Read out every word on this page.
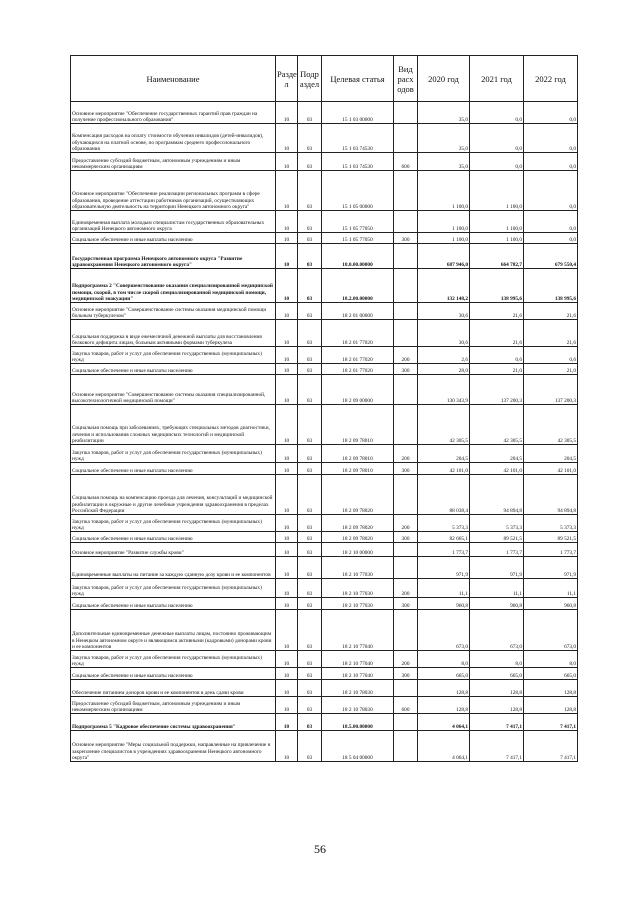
Наименование	Разде л	Подр аздел	Целевая статья	Вид расх одов	2020 год	2021 год	2022 год
Основное мероприятие "Обеспечение государственных гарантий прав граждан на получение профессионального образования"	10	03	15 1 03 00000		35,0	0,0	0,0
Компенсация расходов на оплату стоимости обучения инвалидов (детей-инвалидов), обучающихся на платной основе, по программам среднего профессионального образования	10	03	15 1 03 74530		35,0	0,0	0,0
Предоставление субсидий бюджетным, автономным учреждениям и иным некоммерческим организациям	10	03	15 1 03 74530	600	35,0	0,0	0,0
Основное мероприятие "Обеспечение реализации региональных программ в сфере образования, проведение аттестации работников организаций, осуществляющих образовательную деятельность на территории Ненецкого автономного округа"	10	03	15 1 05 00000		1 100,0	1 100,0	0,0
Единовременная выплата молодым специалистам государственных образовательных организаций Ненецкого автономного округа	10	03	15 1 05 77050		1 100,0	1 100,0	0,0
Социальное обеспечение и иные выплаты населению	10	03	15 1 05 77050	300	1 100,0	1 100,0	0,0
Государственная программа Ненецкого автономного округа "Развитие здравоохранения Ненецкого автономного округа"	10	03	18.0.00.00000		687 946,0	664 782,7	679 550,4
Подпрограмма 2 "Совершенствование оказания специализированной медицинской помощи, скорой, в том числе скорой специализированной медицинской помощи, медицинской эвакуации"	10	03	18.2.00.00000		132 148,2	138 995,6	138 995,6
Основное мероприятие "Совершенствование системы оказания медицинской помощи больным туберкулезом"	10	03	18 2 01 00000		30,6	21,6	21,6
Социальная поддержка в виде ежемесячной денежной выплаты для восстановления белкового дефицита лицам, больным активными формами туберкулеза	10	03	18 2 01 77020		30,6	21,6	21,6
Закупка товаров, работ и услуг для обеспечения государственных (муниципальных) нужд	10	03	18 2 01 77020	200	2,6	0,6	0,6
Социальное обеспечение и иные выплаты населению	10	03	18 2 01 77020	300	28,0	21,0	21,0
Основное мероприятие "Совершенствование системы оказания специализированной, высокотехнологичной медицинской помощи"	10	03	18 2 09 00000		130 343,9	137 200,3	137 200,3
Социальная помощь при заболеваниях, требующих специальных методов диагностики, лечения и использования сложных медицинских технологий и медицинской реабилитации	10	03	18 2 09 78010		42 305,5	42 305,5	42 305,5
Закупка товаров, работ и услуг для обеспечения государственных (муниципальных) нужд	10	03	18 2 09 78010	200	204,5	204,5	204,5
Социальное обеспечение и иные выплаты населению	10	03	18 2 09 78010	300	42 101,0	42 101,0	42 101,0
Социальная помощь на компенсацию проезда для лечения, консультаций и медицинской реабилитации в окружные и другие лечебные учреждения здравоохранения в пределах Российской Федерации	10	03	18 2 09 78020		88 038,4	94 894,8	94 894,8
Закупка товаров, работ и услуг для обеспечения государственных (муниципальных) нужд	10	03	18 2 09 78020	200	5 373,3	5 373,3	5 373,3
Социальное обеспечение и иные выплаты населению	10	03	18 2 09 78020	300	82 665,1	89 521,5	89 521,5
Основное мероприятие "Развитие службы крови"	10	03	18 2 10 00000		1 773,7	1 773,7	1 773,7
Единовременные выплаты на питание за каждую сданную дозу крови и ее компонентов	10	03	18 2 10 77030		971,9	971,9	971,9
Закупка товаров, работ и услуг для обеспечения государственных (муниципальных) нужд	10	03	18 2 10 77030	200	11,1	11,1	11,1
Социальное обеспечение и иные выплаты населению	10	03	18 2 10 77030	300	960,8	960,8	960,8
Дополнительные единовременные денежные выплаты лицам, постоянно проживающим в Ненецком автономном округе и являющимся активными (кадровыми) донорами крови и ее компонентов	10	03	18 2 10 77040		673,0	673,0	673,0
Закупка товаров, работ и услуг для обеспечения государственных (муниципальных) нужд	10	03	18 2 10 77040	200	8,0	8,0	8,0
Социальное обеспечение и иные выплаты населению	10	03	18 2 10 77040	300	665,0	665,0	665,0
Обеспечение питанием доноров крови и ее компонентов в день сдачи крови	10	03	18 2 10 78030		128,8	128,8	128,8
Предоставление субсидий бюджетным, автономным учреждениям и иным некоммерческим организациям	10	03	18 2 10 78030	600	128,8	128,8	128,8
Подпрограмма 5 "Кадровое обеспечение системы здравоохранения"	10	03	18.5.00.00000		4 064,1	7 417,1	7 417,1
Основное мероприятие "Меры социальной поддержки, направленные на привлечение и закрепление специалистов в учреждениях здравоохранения Ненецкого автономного округа"	10	03	18 5 04 00000		4 064,1	7 417,1	7 417,1
56
